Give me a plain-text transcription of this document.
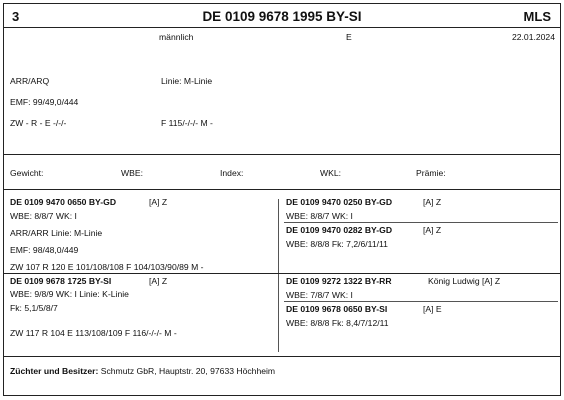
3	DE 0109 9678 1995 BY-SI	MLS
männlich	E	22.01.2024
ARR/ARQ	Linie: M-Linie
EMF: 99/49,0/444
ZW - R - E -/-/-	F 115/-/-/- M -
Gewicht:	WBE:	Index:	WKL:	Prämie:
DE 0109 9470 0650 BY-GD	[A] Z
WBE: 8/8/7 WK: I
ARR/ARR Linie: M-Linie
EMF: 98/48,0/449
ZW 107 R 120 E 101/108/108 F 104/103/90/89 M -
DE 0109 9470 0250 BY-GD	[A] Z
WBE: 8/8/7 WK: I
DE 0109 9470 0282 BY-GD	[A] Z
WBE: 8/8/8 Fk: 7,2/6/11/11
DE 0109 9678 1725 BY-SI	[A] Z
WBE: 9/8/9 WK: I Linie: K-Linie
Fk: 5,1/5/8/7
ZW 117 R 104 E 113/108/109 F 116/-/-/- M -
DE 0109 9272 1322 BY-RR	König Ludwig [A] Z
WBE: 7/8/7 WK: I
DE 0109 9678 0650 BY-SI	[A] E
WBE: 8/8/8 Fk: 8,4/7/12/11
Züchter und Besitzer: Schmutz GbR, Hauptstr. 20, 97633 Höchheim
